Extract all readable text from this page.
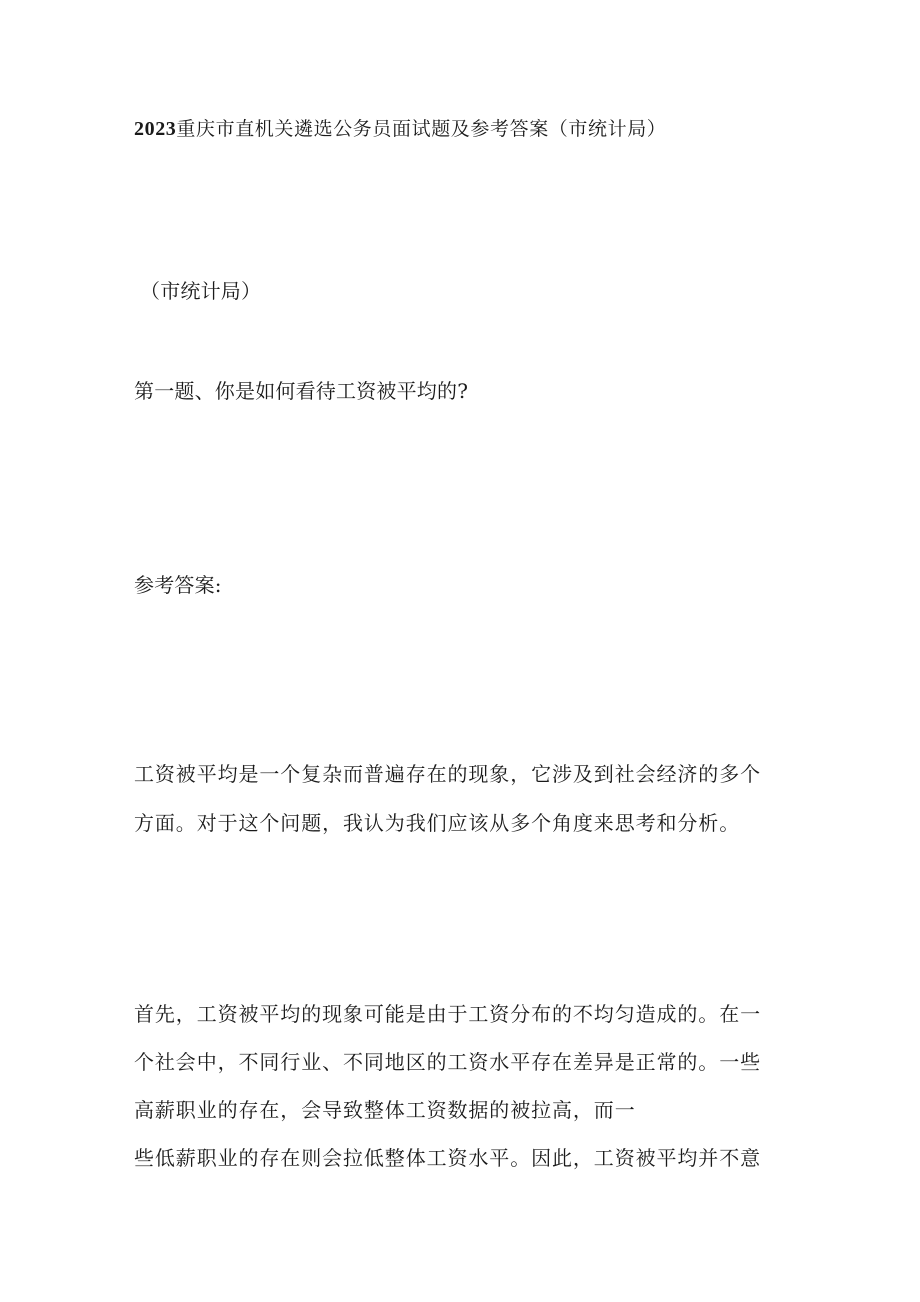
2023重庆市直机关遴选公务员面试题及参考答案（市统计局）
（市统计局）
第一题、你是如何看待工资被平均的?
参考答案:
工资被平均是一个复杂而普遍存在的现象，它涉及到社会经济的多个
方面。对于这个问题，我认为我们应该从多个角度来思考和分析。
首先，工资被平均的现象可能是由于工资分布的不均匀造成的。在一
个社会中，不同行业、不同地区的工资水平存在差异是正常的。一些
高薪职业的存在，会导致整体工资数据的被拉高，而一
些低薪职业的存在则会拉低整体工资水平。因此，工资被平均并不意
